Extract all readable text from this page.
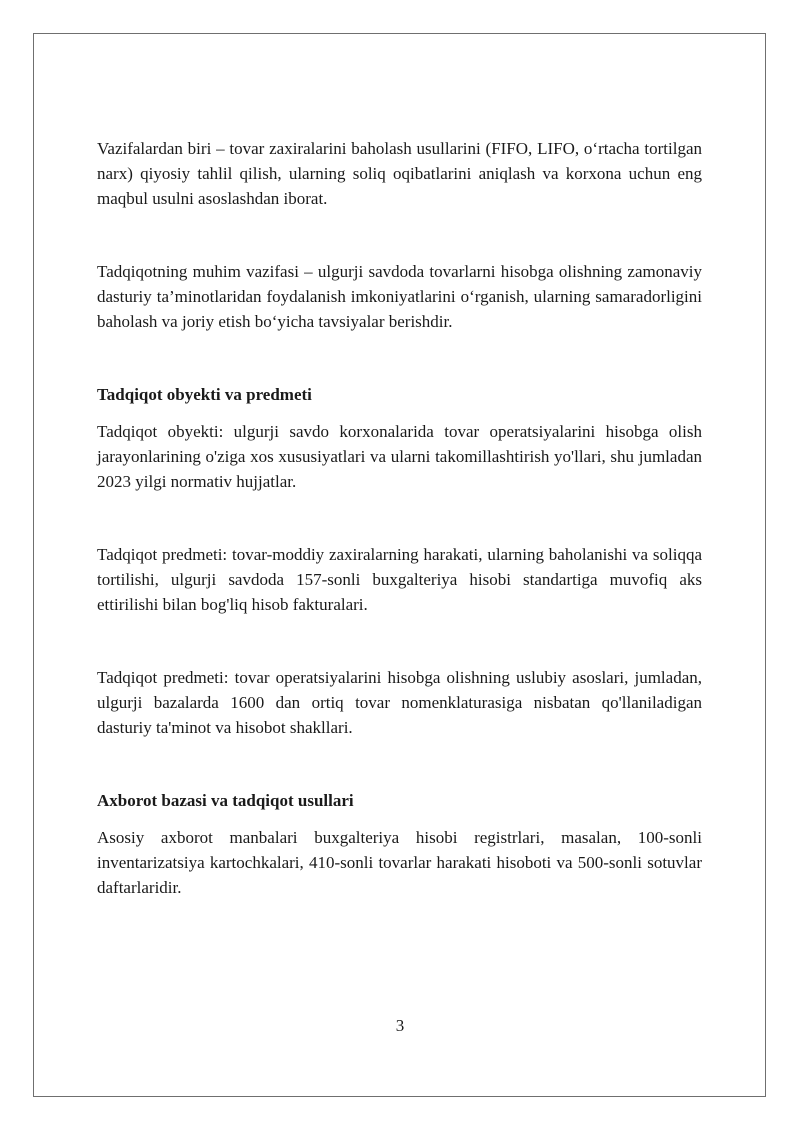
Vazifalardan biri – tovar zaxiralarini baholash usullarini (FIFO, LIFO, o‘rtacha tortilgan narx) qiyosiy tahlil qilish, ularning soliq oqibatlarini aniqlash va korxona uchun eng maqbul usulni asoslashdan iborat.

Tadqiqotning muhim vazifasi – ulgurji savdoda tovarlarni hisobga olishning zamonaviy dasturiy ta’minotlaridan foydalanish imkoniyatlarini o‘rganish, ularning samaradorligini baholash va joriy etish bo‘yicha tavsiyalar berishdir.

Tadqiqot obyekti va predmeti

Tadqiqot obyekti: ulgurji savdo korxonalarida tovar operatsiyalarini hisobga olish jarayonlarining o'ziga xos xususiyatlari va ularni takomillashtirish yo'llari, shu jumladan 2023 yilgi normativ hujjatlar.

Tadqiqot predmeti: tovar-moddiy zaxiralarning harakati, ularning baholanishi va soliqqa tortilishi, ulgurji savdoda 157-sonli buxgalteriya hisobi standartiga muvofiq aks ettirilishi bilan bog'liq hisob fakturalari.

Tadqiqot predmeti: tovar operatsiyalarini hisobga olishning uslubiy asoslari, jumladan, ulgurji bazalarda 1600 dan ortiq tovar nomenklaturasiga nisbatan qo'llaniladigan dasturiy ta'minot va hisobot shakllari.

Axborot bazasi va tadqiqot usullari

Asosiy axborot manbalari buxgalteriya hisobi registrlari, masalan, 100-sonli inventarizatsiya kartochkalari, 410-sonli tovarlar harakati hisoboti va 500-sonli sotuvlar daftarlaridir.

3
